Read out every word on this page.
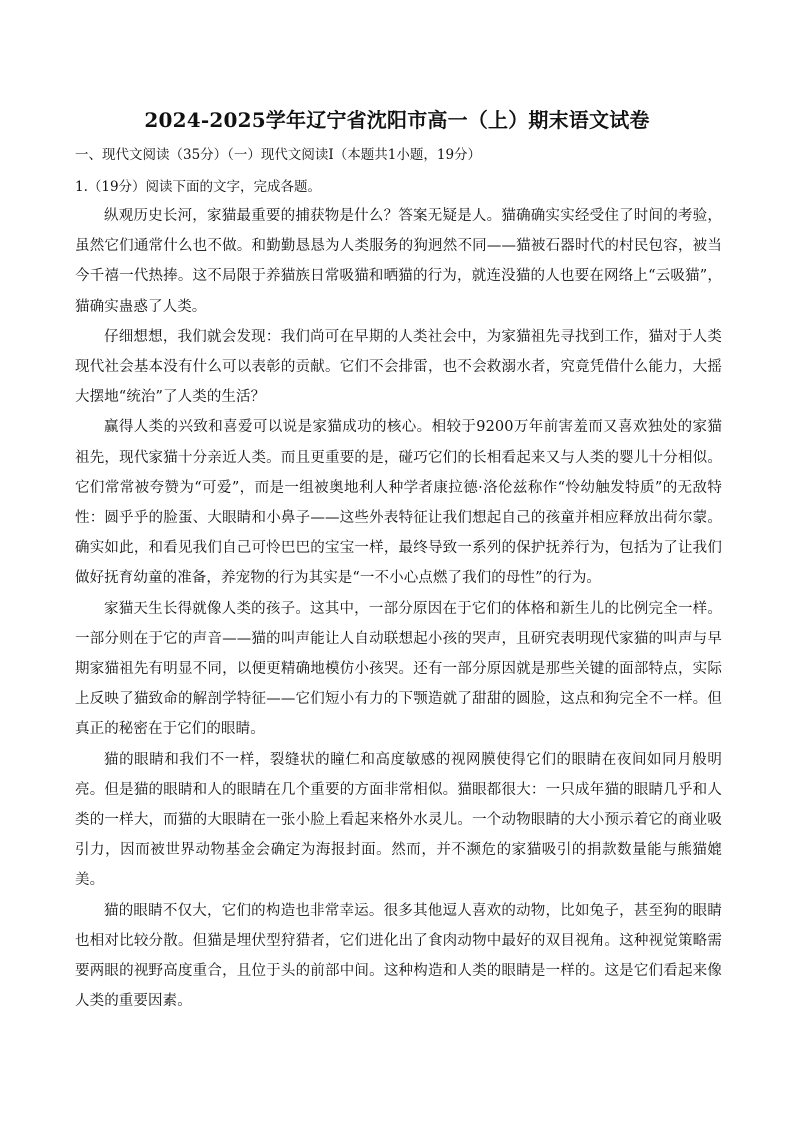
2024-2025学年辽宁省沈阳市高一（上）期末语文试卷
一、现代文阅读（35分）（一）现代文阅读Ⅰ（本题共1小题，19分）
1.（19分）阅读下面的文字，完成各题。

纵观历史长河，家猫最重要的捕获物是什么？答案无疑是人。猫确确实实经受住了时间的考验，虽然它们通常什么也不做。和勤勤恳恳为人类服务的狗迥然不同——猫被石器时代的村民包容，被当今千禧一代热捧。这不局限于养猫族日常吸猫和晒猫的行为，就连没猫的人也要在网络上“云吸猫”，猫确实蛊惑了人类。

仔细想想，我们就会发现：我们尚可在早期的人类社会中，为家猫祖先寻找到工作，猫对于人类现代社会基本没有什么可以表彰的贡献。它们不会排雷，也不会救溺水者，究竟凭借什么能力，大摇大摆地“统治”了人类的生活？

赢得人类的兴致和喜爱可以说是家猫成功的核心。相较于9200万年前害羞而又喜欢独处的家猫祖先，现代家猫十分亲近人类。而且更重要的是，碰巧它们的长相看起来又与人类的婴儿十分相似。它们常常被夸赞为“可爱”，而是一组被奥地利人种学者康拉德·洛伦兹称作“怜幼触发特质”的无敌特性：圆乎乎的脸蛋、大眼睛和小鼻子——这些外表特征让我们想起自己的孩童并相应释放出荷尔蒙。确实如此，和看见我们自己可怜巴巴的宝宝一样，最终导致一系列的保护抚养行为，包括为了让我们做好抚育幼童的准备，养宠物的行为其实是“一不小心点燃了我们的母性”的行为。

家猫天生长得就像人类的孩子。这其中，一部分原因在于它们的体格和新生儿的比例完全一样。一部分则在于它的声音——猫的叫声能让人自动联想起小孩的哭声，且研究表明现代家猫的叫声与早期家猫祖先有明显不同，以便更精确地模仿小孩哭。还有一部分原因就是那些关键的面部特点，实际上反映了猫致命的解剖学特征——它们短小有力的下颚造就了甜甜的圆脸，这点和狗完全不一样。但真正的秘密在于它们的眼睛。

猫的眼睛和我们不一样，裂缝状的瞳仁和高度敏感的视网膜使得它们的眼睛在夜间如同月般明亮。但是猫的眼睛和人的眼睛在几个重要的方面非常相似。猫眼都很大：一只成年猫的眼睛几乎和人类的一样大，而猫的大眼睛在一张小脸上看起来格外水灵儿。一个动物眼睛的大小预示着它的商业吸引力，因而被世界动物基金会确定为海报封面。然而，并不濒危的家猫吸引的捐款数量能与熊猫媲美。

猫的眼睛不仅大，它们的构造也非常幸运。很多其他逗人喜欢的动物，比如兔子，甚至狗的眼睛也相对比较分散。但猫是埋伏型狩猎者，它们进化出了食肉动物中最好的双目视角。这种视觉策略需要两眼的视野高度重合，且位于头的前部中间。这种构造和人类的眼睛是一样的。这是它们看起来像人类的重要因素。
